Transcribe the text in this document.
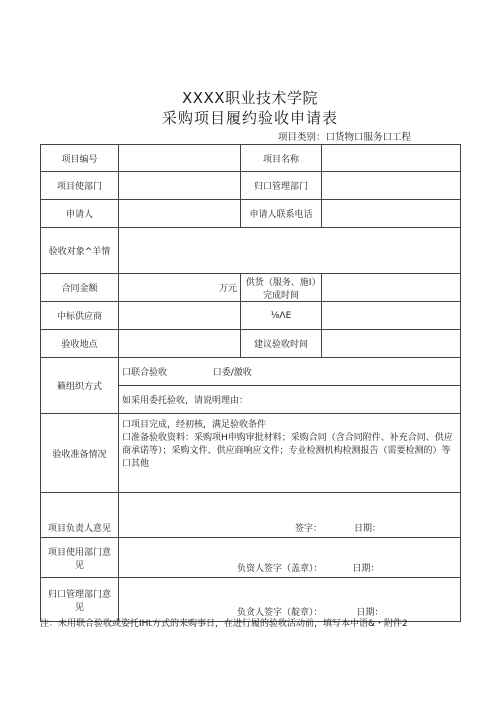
XXXX职业技术学院
采购项目履约验收申请表
项目类别：口货物口服务口工程
项目编号		项目名称	
项目使部门		归口管理部门	
申请人		申请人联系电话	
验收对象^羊情			
合同金额	万元	供货（服务、施I）完成时间	
中标供应商		⅛ΛE	
验收地点		建议验收时间	
籁组织方式	口联合验收 口委/激收		
	如采用委托验收，请说明理由：		
验收准备情况	口项目完成，经初核，满足验收条件
口准备验收资料：采购项H申购审批材料；采购合同（含合同附件、补充合同、供应商承诺等）；采购文件、供应商响应文件；专业检测机构检测报告（需要检测的）等
口其他		

项目负责人意见	签字： 日期：		
项目使用部门意见	负资人签字（盖章）： 日期：		
归口管理部门意见	负贪人签字（靛章）： 日期：		
注：未用联合验收或姿托IHt方式的来购事日，在进行履的验收活动前，填写本中语&・附件2
